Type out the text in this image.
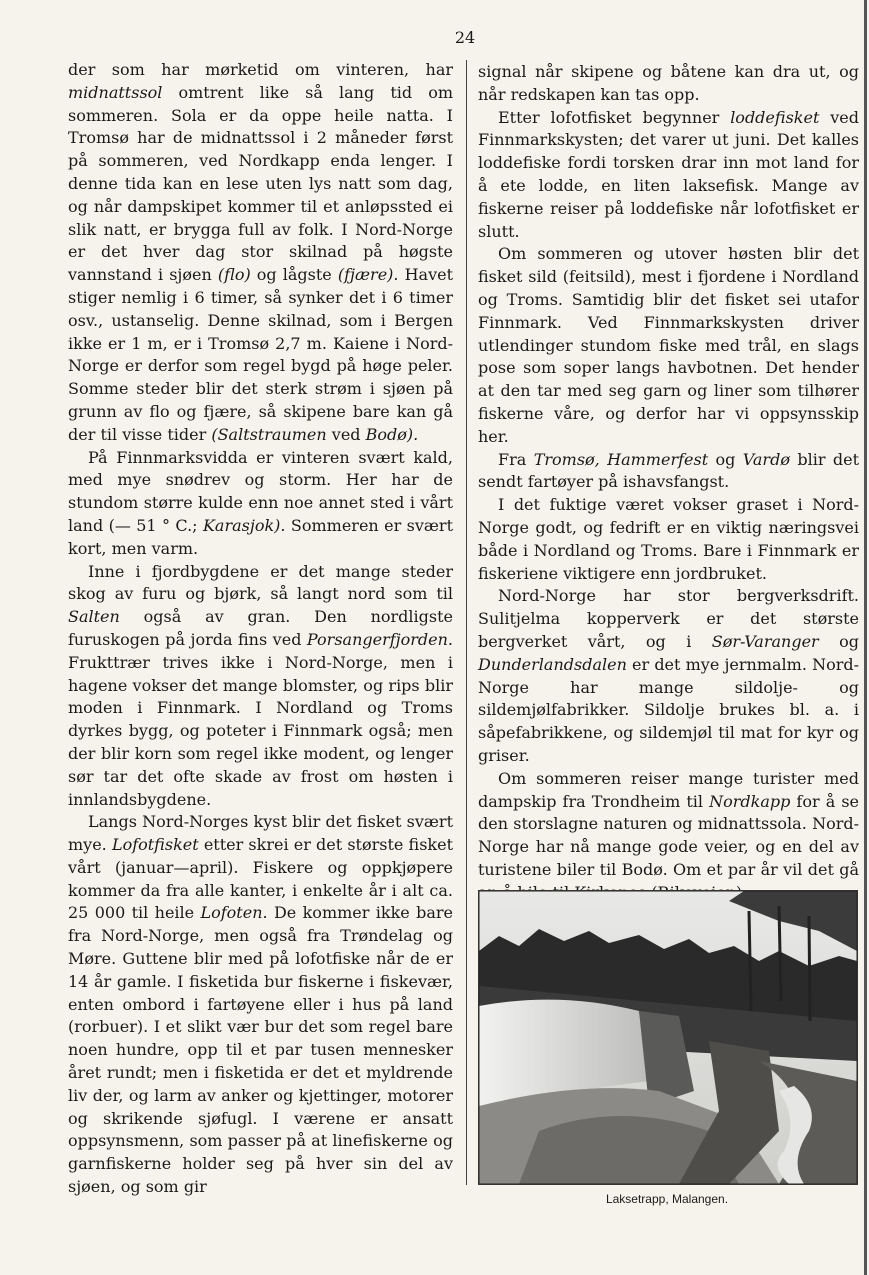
24

der som har mørketid om vinteren, har midnattssol omtrent like så lang tid om sommeren. Sola er da oppe heile natta. I Tromsø har de midnattssol i 2 måneder først på sommeren, ved Nordkapp enda lenger. I denne tida kan en lese uten lys natt som dag, og når dampskipet kommer til et anløpssted ei slik natt, er brygga full av folk. I Nord-Norge er det hver dag stor skilnad på høgste vannstand i sjøen (flo) og lågste (fjære). Havet stiger nemlig i 6 timer, så synker det i 6 timer osv., ustanselig. Denne skilnad, som i Bergen ikke er 1 m, er i Tromsø 2,7 m. Kaiene i Nord-Norge er derfor som regel bygd på høge peler. Somme steder blir det sterk strøm i sjøen på grunn av flo og fjære, så skipene bare kan gå der til visse tider (Saltstraumen ved Bodø).

På Finnmarksvidda er vinteren svært kald, med mye snødrev og storm. Her har de stundom større kulde enn noe annet sted i vårt land (— 51 ° C.; Karasjok). Sommeren er svært kort, men varm.

Inne i fjordbygdene er det mange steder skog av furu og bjørk, så langt nord som til Salten også av gran. Den nordligste furuskogen på jorda fins ved Porsangerfjorden. Frukttrær trives ikke i Nord-Norge, men i hagene vokser det mange blomster, og rips blir moden i Finnmark. I Nordland og Troms dyrkes bygg, og poteter i Finnmark også; men der blir korn som regel ikke modent, og lenger sør tar det ofte skade av frost om høsten i innlandsbygdene.

Langs Nord-Norges kyst blir det fisket svært mye. Lofotfisket etter skrei er det største fisket vårt (januar—april). Fiskere og oppkjøpere kommer da fra alle kanter, i enkelte år i alt ca. 25 000 til heile Lofoten. De kommer ikke bare fra Nord-Norge, men også fra Trøndelag og Møre. Guttene blir med på lofotfiske når de er 14 år gamle. I fisketida bur fiskerne i fiskevær, enten ombord i fartøyene eller i hus på land (rorbuer). I et slikt vær bur det som regel bare noen hundre, opp til et par tusen mennesker året rundt; men i fisketida er det et myldrende liv der, og larm av anker og kjettinger, motorer og skrikende sjøfugl. I værene er ansatt oppsynsmenn, som passer på at linefiskerne og garnfiskerne holder seg på hver sin del av sjøen, og som gir

signal når skipene og båtene kan dra ut, og når redskapen kan tas opp.

Etter lofotfisket begynner loddefisket ved Finnmarkskysten; det varer ut juni. Det kalles loddefiske fordi torsken drar inn mot land for å ete lodde, en liten laksefisk. Mange av fiskerne reiser på loddefiske når lofotfisket er slutt.

Om sommeren og utover høsten blir det fisket sild (feitsild), mest i fjordene i Nordland og Troms. Samtidig blir det fisket sei utafor Finnmark. Ved Finnmarkskysten driver utlendinger stundom fiske med trål, en slags pose som soper langs havbotnen. Det hender at den tar med seg garn og liner som tilhører fiskerne våre, og derfor har vi oppsynsskip her.

Fra Tromsø, Hammerfest og Vardø blir det sendt fartøyer på ishavsfangst.

I det fuktige været vokser graset i Nord-Norge godt, og fedrift er en viktig næringsvei både i Nordland og Troms. Bare i Finnmark er fiskeriene viktigere enn jordbruket.

Nord-Norge har stor bergverksdrift. Sulitjelma kopperverk er det største bergverket vårt, og i Sør-Varanger og Dunderlandsdalen er det mye jernmalm. Nord-Norge har mange sildolje- og sildemjølfabrikker. Sildolje brukes bl. a. i såpefabrikkene, og sildemjøl til mat for kyr og griser.

Om sommeren reiser mange turister med dampskip fra Trondheim til Nordkapp for å se den storslagne naturen og midnattssola. Nord-Norge har nå mange gode veier, og en del av turistene biler til Bodø. Om et par år vil det gå

Laksetrapp, Malangen.
